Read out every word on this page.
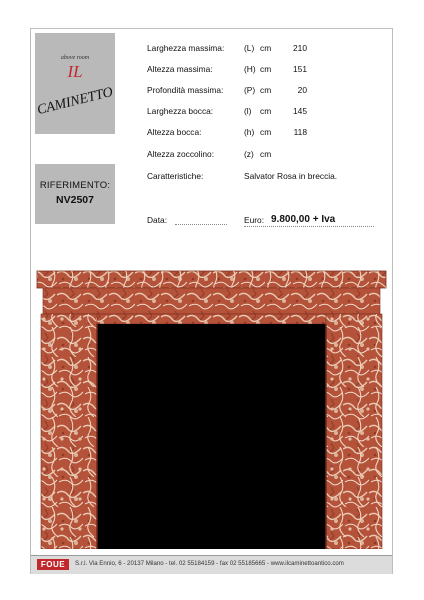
above room
IL
CAMINETTO
RIFERIMENTO:
NV2507
Larghezza massima: (L) cm	210
Altezza massima:	(H) cm	151
Profondità massima: (P) cm	20
Larghezza bocca:	(l) cm	145
Altezza bocca:	(h) cm	118
Altezza zoccolino:	(z) cm
Caratteristiche:	Salvator Rosa in breccia.
Data:	Euro: 9.800,00 + Iva
FOUE	S.r.l. Via Ennio, 6 - 20137 Milano - tel. 02 55184159 - fax 02 55185665 - www.ilcaminettoantico.com
